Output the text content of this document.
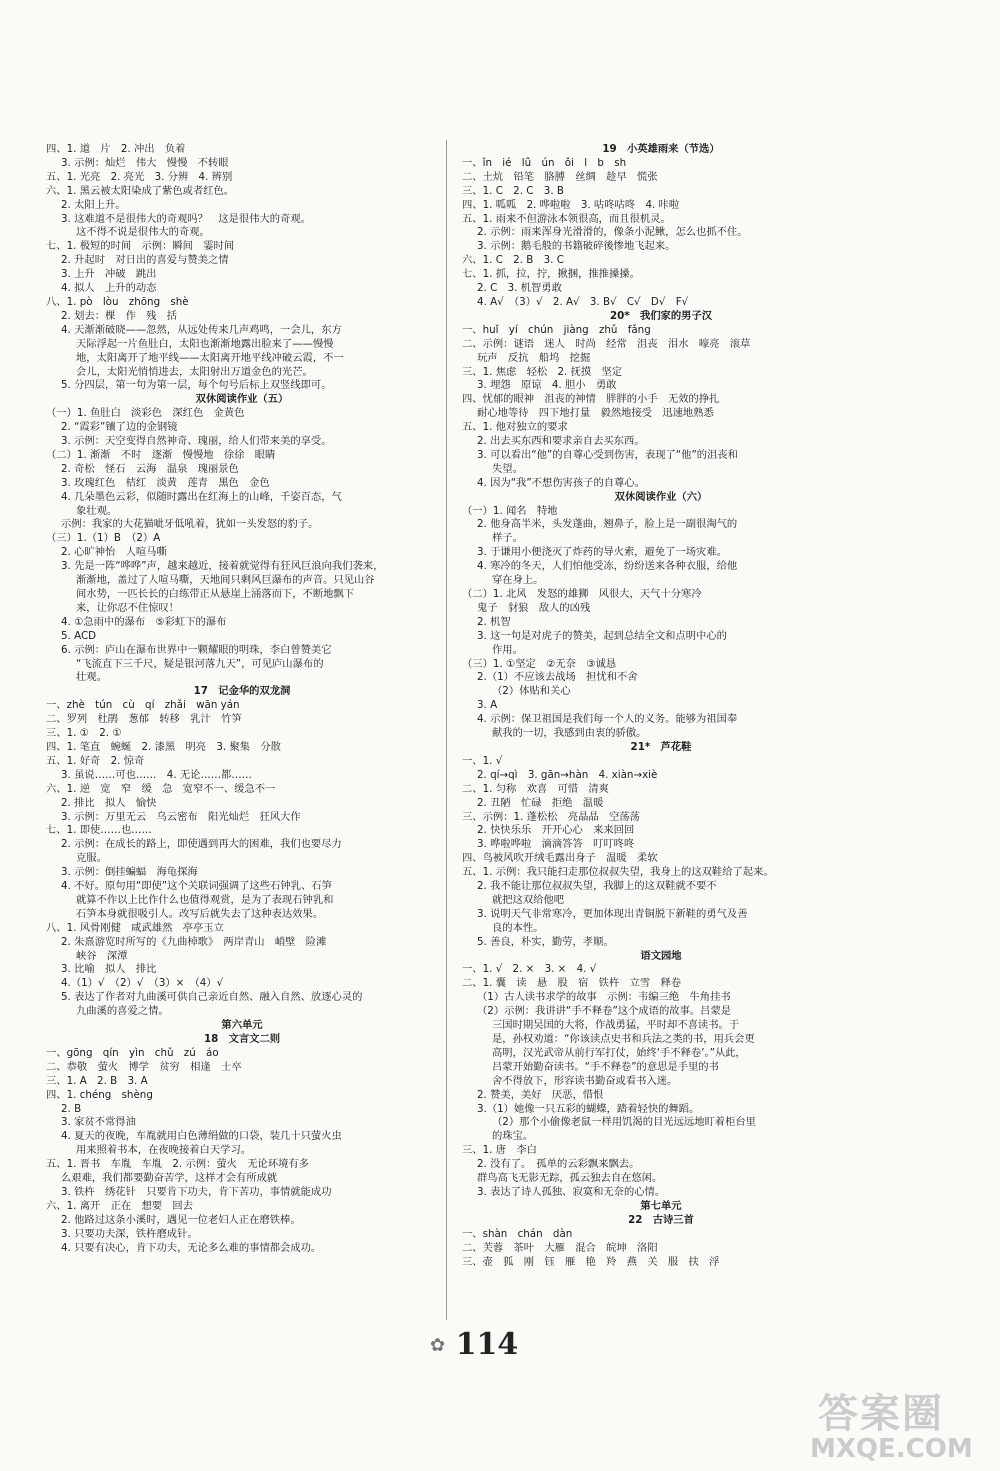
四、1. 道　片　2. 冲出　负着
3. 示例：灿烂　伟大　慢慢　不转眼
五、1. 光亮　2. 亮光　3. 分辨　4. 辨别
六、1. 黑云被太阳染成了紫色或者红色。
2. 太阳上升。
3. 这难道不是很伟大的奇观吗？　这是很伟大的奇观。
这不得不说是很伟大的奇观。
七、1. 极短的时间　示例：瞬间　霎时间
2. 升起时　对日出的喜爱与赞美之情
3. 上升　冲破　跳出
4. 拟人　上升的动态
八、1. pò　lòu　zhōng　shè
2. 划去：棵　作　残　括
4. 天渐渐破晓——忽然，从远处传来几声鸡鸣，一会儿，东方
天际浮起一片鱼肚白，太阳也渐渐地露出脸来了——慢慢
地，太阳离开了地平线——太阳离开地平线冲破云霞，不一
会儿，太阳光悄悄进去，太阳射出万道金色的光芒。
5. 分四层，第一句为第一层，每个句号后标上双竖线即可。
双休阅读作业（五）
（一）1. 鱼肚白　淡彩色　深红色　金黄色
2. “霞彩”镶了边的金钢镜
3. 示例：天空变得自然神奇、瑰丽，给人们带来美的享受。
（二）1. 渐渐　不时　逐渐　慢慢地　徐徐　眼睛
2. 奇松　怪石　云海　温泉　瑰丽景色
3. 玫瑰红色　桔红　淡黄　莲青　黑色　金色
4. 几朵墨色云彩，似随时露出在红海上的山峰，千姿百态，气
象壮观。
示例：我家的大花猫呲牙低吼着，犹如一头发怒的豹子。
（三）1.（1）B　（2）A
2. 心旷神怡　人喧马嘶
3. 先是一阵“哗哗”声，越来越近，接着就觉得有狂风巨浪向我们袭来，
渐渐地，盖过了人喧马嘶，天地间只剩风巨瀑布的声音。只见山谷
间水势，一匹长长的白练带正从悬崖上涌落而下，不断地飘下
来，让你忍不住惊叹！
4. ①急雨中的瀑布　⑤彩虹下的瀑布
5. ACD
6. 示例：庐山在瀑布世界中一颗耀眼的明珠，李白曾赞美它
“飞流直下三千尺，疑是银河落九天”，可见庐山瀑布的
壮观。
17　记金华的双龙洞
一、zhè　tún　cù　qí　zhǎi　wān yán
二、罗列　杜鹃　葱郁　转移　乳汁　竹笋
三、1. ①　2. ①
四、1. 笔直　蜿蜒　2. 漆黑　明亮　3. 聚集　分散
五、1. 好奇　2. 惊奇
3. 虽说……可也……　4. 无论……都……
六、1. 逆　宽　窄　缓　急　宽窄不一、缓急不一
2. 排比　拟人　愉快
3. 示例：万里无云　乌云密布　阳光灿烂　狂风大作
七、1. 即使……也……
2. 示例：在成长的路上，即使遇到再大的困难，我们也要尽力
克服。
3. 示例：倒挂蝙蝠　海龟探海
4. 不好。原句用“即使”这个关联词强调了这些石钟乳、石笋
就算不作以上比作什么也值得观赏，是为了表现石钟乳和
石笋本身就很吸引人。改写后就失去了这种表达效果。
八、1. 风骨刚健　咸武雄然　亭亭玉立
2. 朱熹游览时所写的《九曲棹歌》　两岸青山　峭壁　险滩
峡谷　深潭
3. 比喻　拟人　排比
4.（1）√　（2）√　（3）×　（4）√
5. 表达了作者对九曲溪可供自己亲近自然、融入自然、放逐心灵的
九曲溪的喜爱之情。
第六单元
18　文言文二则
一、gōng　qín　yìn　chǔ　zú　áo
二、恭敬　萤火　博学　贫穷　相逢　士卒
三、1. A　2. B　3. A
四、1. chéng　shèng
2. B
3. 家贫不常得油
4. 夏天的夜晚，车胤就用白色薄绢做的口袋，装几十只萤火虫
用来照着书本，在夜晚接着白天学习。
五、1. 晋书　车胤　车胤　2. 示例：萤火　无论环境有多
么艰难，我们都要勤奋苦学，这样才会有所成就
3. 铁杵　绣花针　只要肯下功夫，肯下苦功，事情就能成功
六、1. 离开　正在　想要　回去
2. 他路过这条小溪时，遇见一位老妇人正在磨铁棒。
3. 只要功夫深，铁杵磨成针。
4. 只要有决心，肯下功夫，无论多么难的事情都会成功。
19　小英雄雨来（节选）
一、ǐn　ié　lǚ　ún　ǒi　l　b　sh
二、土炕　铅笔　胳膊　丝绸　趁早　慌张
三、1. C　2. C　3. B
四、1. 呱呱　2. 哗啦啦　3. 咕咚咕咚　4. 咔啦
五、1. 雨来不但游泳本领很高，而且很机灵。
2. 示例：雨来浑身光滑滑的，像条小泥鳅，怎么也抓不住。
3. 示例：鹅毛般的书籍破碎後惨地飞起来。
六、1. C　2. B　3. C
七、1. 抓，拉，拧，揪捆，推推搡搡。
2. C　3. 机智勇敢
4. A√　（3）√　2. A√　3. B√　C√　D√　F√
20*　我们家的男子汉
一、huǐ　yí　chún　jiàng　zhǔ　fǎng
二、示例：谜语　迷人　时尚　经常　沮丧　泪水　嚎亮　滚草
玩声　反抗　船坞　挖掘
三、1. 焦虑　轻松　2. 抚摸　坚定
3. 埋怨　原谅　4. 胆小　勇敢
四、忧郁的眼神　沮丧的神情　胖胖的小手　无效的挣扎
耐心地等待　四下地打量　毅然地接受　迅速地熟悉
五、1. 他对独立的要求
2. 出去买东西和要求亲自去买东西。
3. 可以看出“他”的自尊心受到伤害，表现了“他”的沮丧和
失望。
4. 因为“我”不想伤害孩子的自尊心。
双休阅读作业（六）
（一）1. 闻名　特地
2. 他身高半米，头发蓬曲，翘鼻子，脸上是一副很淘气的
样子。
3. 于谦用小便浇灭了炸药的导火索，避免了一场灾难。
4. 寒冷的冬天，人们怕他受冻，纷纷送来各种衣服，给他
穿在身上。
（二）1. 北风　发怒的雄狮　风很大，天气十分寒冷
鬼子　豺狼　敌人的凶残
2. 机智
3. 这一句是对虎子的赞美，起到总结全文和点明中心的
作用。
（三）1. ①坚定　②无奈　③诚恳
2.（1）不应该去战场　担忧和不舍
（2）体贴和关心
3. A
4. 示例：保卫祖国是我们每一个人的义务。能够为祖国奉
献我的一切，我感到由衷的骄傲。
21*　芦花鞋
一、1. √
2. qí→qì　3. gān→hàn　4. xiàn→xiè
二、1. 匀称　欢喜　可惜　清爽
2. 丑陋　忙碌　拒绝　温暖
三、示例：1. 蓬松松　亮晶晶　空荡荡
2. 快快乐乐　开开心心　来来回回
3. 哗啦哗啦　滴滴答答　叮叮咚咚
四、鸟被风吹开绒毛露出身子　温暖　柔软
五、1. 示例：我只能扫走那位叔叔失望，我身上的这双鞋给了起来。
2. 我不能让那位叔叔失望，我脚上的这双鞋就不要不
就把这双给他吧
3. 说明天气非常寒冷，更加体现出青铜脱下新鞋的勇气及善
良的本性。
5. 善良，朴实，勤劳，孝顺。
语文园地
一、1. √　2. ×　3. ×　4. √
二、1. 囊　读　悬　股　宿　铁杵　立雪　释卷
（1）古人读书求学的故事　示例：韦编三绝　牛角挂书
（2）示例：我讲讲“手不释卷”这个成语的故事。吕蒙是
三国时期吴国的大将，作战勇猛，平时却不喜读书。于
是，孙权劝道：“你该读点史书和兵法之类的书，用兵会更
高明，汉光武帝从前行军打仗，始终‘手不释卷’。”从此，
吕蒙开始勤奋读书。“手不释卷”的意思是手里的书
舍不得放下，形容读书勤奋或看书入迷。
2. 赞美，美好　厌恶，惜恨
3.（1）她像一只五彩的蝴蝶，踏着轻快的舞蹈。
（2）那个小偷像老鼠一样用饥渴的目光远远地盯着柜台里
的珠宝。
三、1. 唐　李白
2. 没有了。　孤单的云彩飘来飘去。
群鸟高飞无影无踪，孤云独去自在悠闲。
3. 表达了诗人孤独、寂寞和无奈的心情。
第七单元
22　古诗三首
一、shàn　chán　dàn
二、芙蓉　茶叶　大雁　混合　皖坤　洛阳
三、壶　狐　刚　钰　雁　艳　羚　燕　关　服　扶　浮
✿ 114
答案圈
MXQE.COM
